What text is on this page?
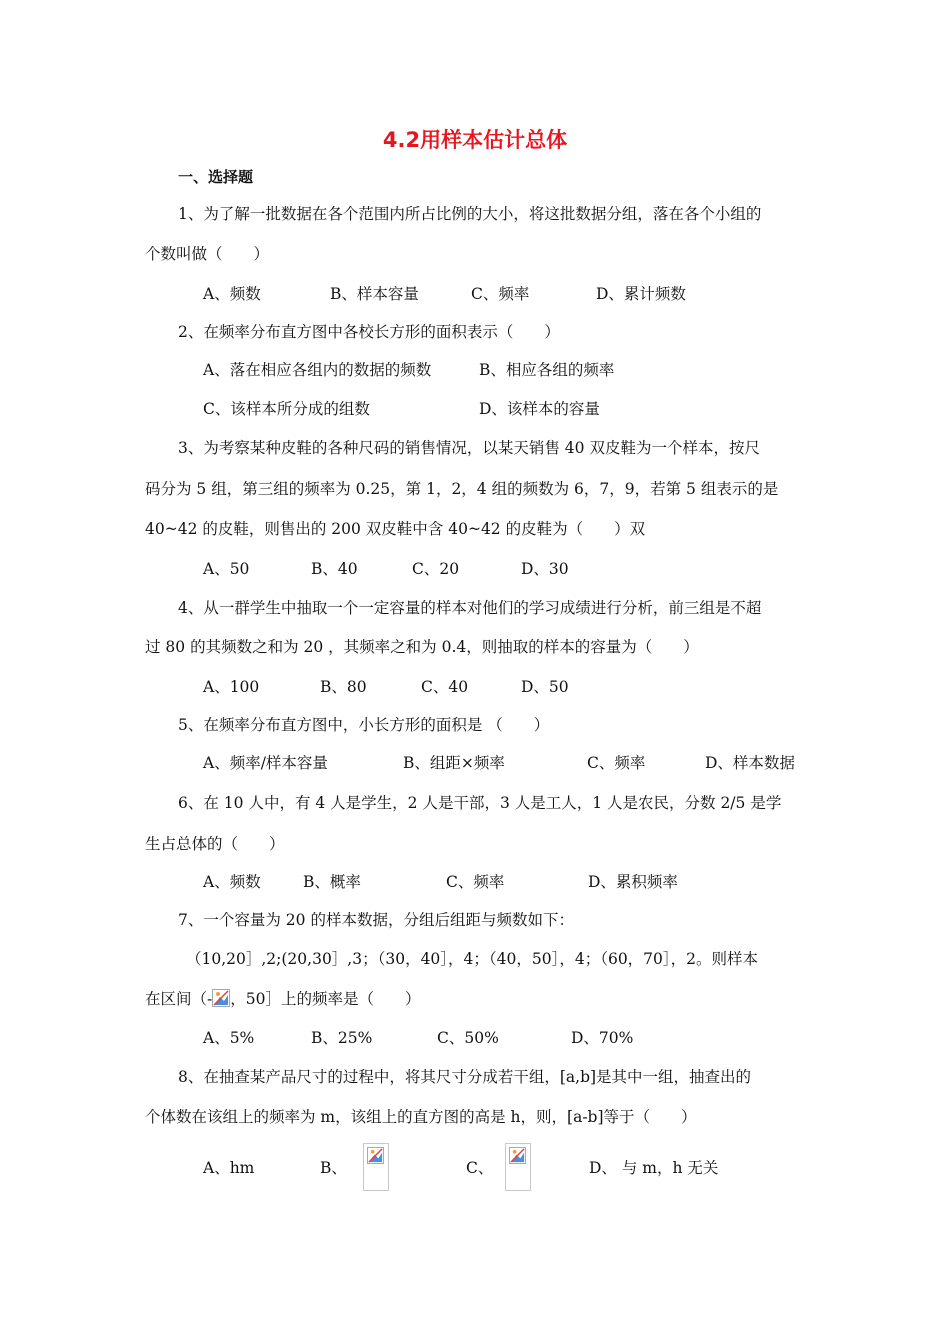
4.2用样本估计总体
一、选择题
1、为了解一批数据在各个范围内所占比例的大小，将这批数据分组，落在各个小组的
个数叫做（　　）
A、频数	B、样本容量	C、频率	D、累计频数
2、在频率分布直方图中各校长方形的面积表示（　　）
A、落在相应各组内的数据的频数	B、相应各组的频率
C、该样本所分成的组数	D、该样本的容量
3、为考察某种皮鞋的各种尺码的销售情况，以某天销售 40 双皮鞋为一个样本，按尺
码分为 5 组，第三组的频率为 0.25，第 1，2，4 组的频数为 6，7，9，若第 5 组表示的是
40~42 的皮鞋，则售出的 200 双皮鞋中含 40~42 的皮鞋为（　　）双
A、50	B、40	C、20	D、30
4、从一群学生中抽取一个一定容量的样本对他们的学习成绩进行分析，前三组是不超
过 80 的其频数之和为 20 ，其频率之和为 0.4，则抽取的样本的容量为（　　）
A、100	B、80	C、40	D、50
5、在频率分布直方图中，小长方形的面积是 （　　）
A、频率/样本容量	B、组距×频率	C、频率	D、样本数据
6、在 10 人中，有 4 人是学生，2 人是干部，3 人是工人，1 人是农民，分数 2/5 是学
生占总体的（　　）
A、频数	B、概率	C、频率	D、累积频率
7、一个容量为 20 的样本数据，分组后组距与频数如下：
（10,20］,2;(20,30］,3；（30，40］，4；（40，50］，4；（60，70］，2。则样本
在区间（- ，50］上的频率是（　　）
A、5%	B、25%	C、50%	D、70%
8、在抽查某产品尺寸的过程中，将其尺寸分成若干组，[a,b]是其中一组，抽查出的
个体数在该组上的频率为 m，该组上的直方图的高是 h，则，[a-b]等于（　　）
A、hm	B、	C、	D、 与 m，h 无关
